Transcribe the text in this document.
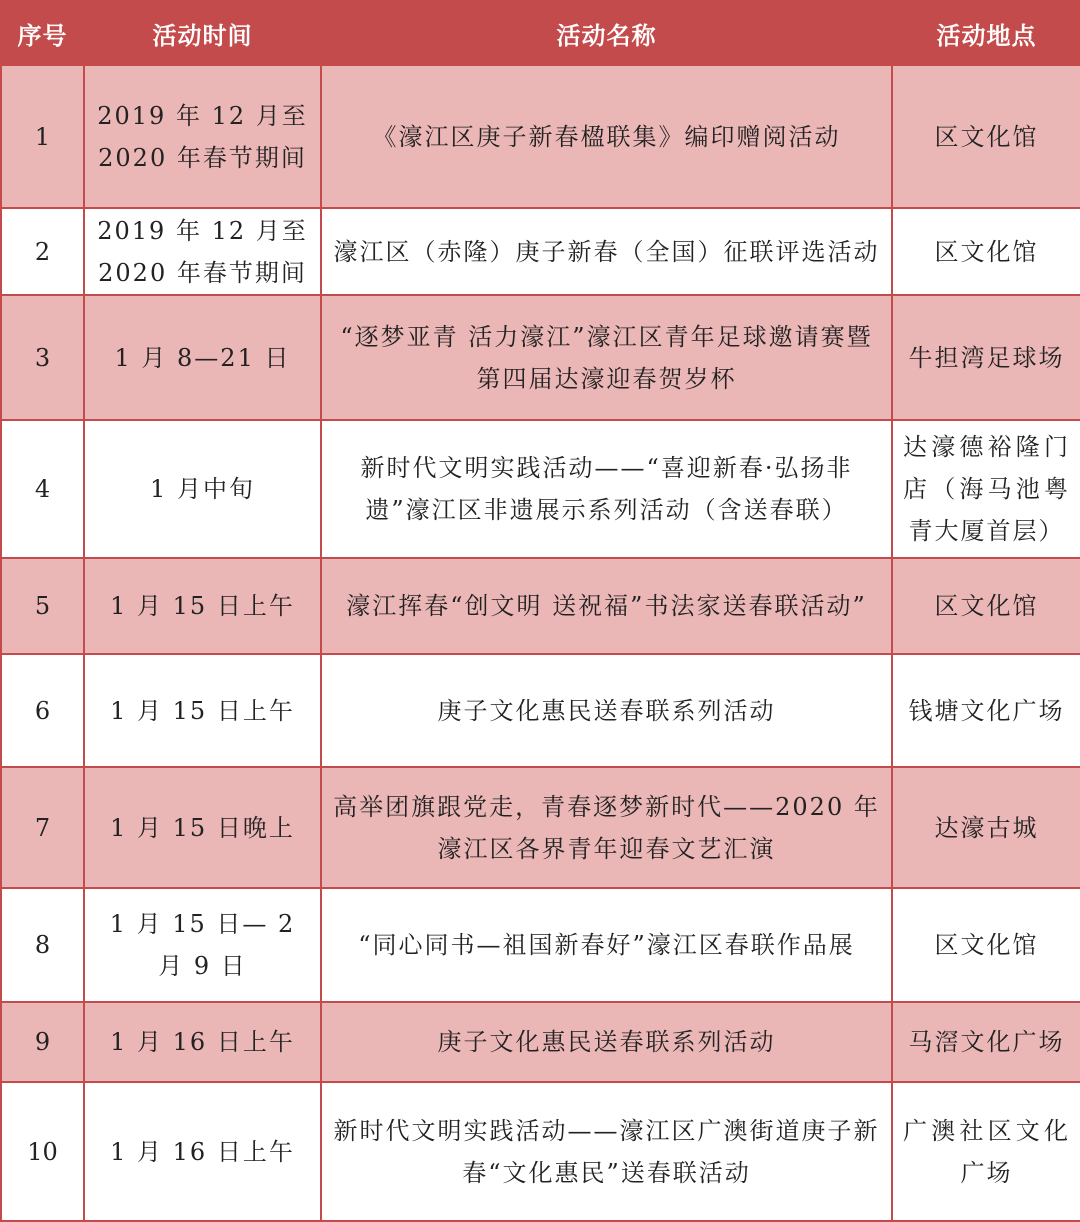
序号	活动时间	活动名称	活动地点
1	2019 年 12 月至 2020 年春节期间	《濠江区庚子新春楹联集》编印赠阅活动	区文化馆
2	2019 年 12 月至 2020 年春节期间	濠江区（赤隆）庚子新春（全国）征联评选活动	区文化馆
3	1 月 8—21 日	“逐梦亚青 活力濠江”濠江区青年足球邀请赛暨第四届达濠迎春贺岁杯	牛担湾足球场
4	1 月中旬	新时代文明实践活动——“喜迎新春·弘扬非遗”濠江区非遗展示系列活动（含送春联）	达濠德裕隆门店（海马池粤青大厦首层）
5	1 月 15 日上午	濠江挥春“创文明 送祝福”书法家送春联活动”	区文化馆
6	1 月 15 日上午	庚子文化惠民送春联系列活动	钱塘文化广场
7	1 月 15 日晚上	高举团旗跟党走，青春逐梦新时代——2020 年濠江区各界青年迎春文艺汇演	达濠古城
8	1 月 15 日— 2 月 9 日	“同心同书—祖国新春好”濠江区春联作品展	区文化馆
9	1 月 16 日上午	庚子文化惠民送春联系列活动	马滘文化广场
10	1 月 16 日上午	新时代文明实践活动——濠江区广澳街道庚子新春“文化惠民”送春联活动	广澳社区文化广场
